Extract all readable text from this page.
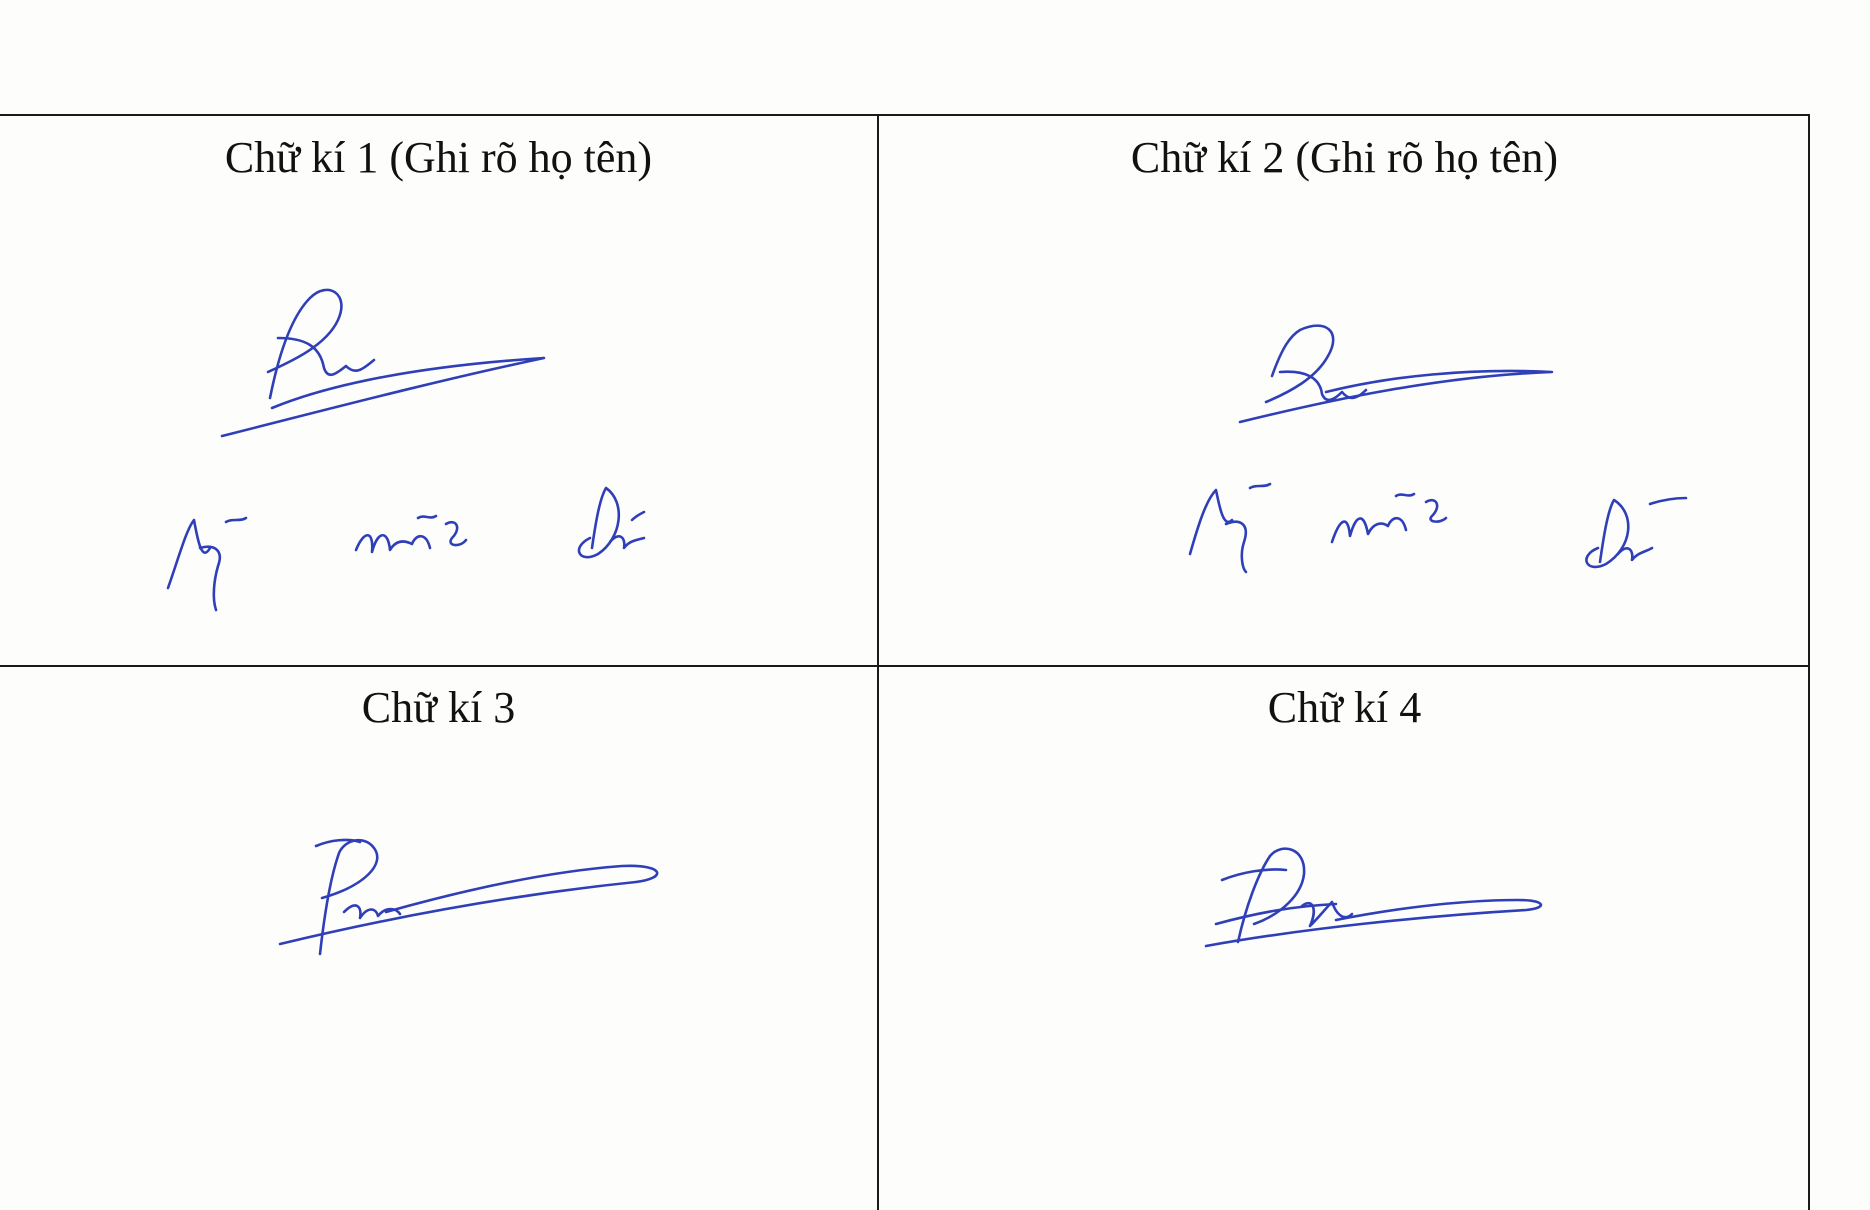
Chữ kí 1 (Ghi rõ họ tên)	Chữ kí 2 (Ghi rõ họ tên)

Chữ kí 3	Chữ kí 4
